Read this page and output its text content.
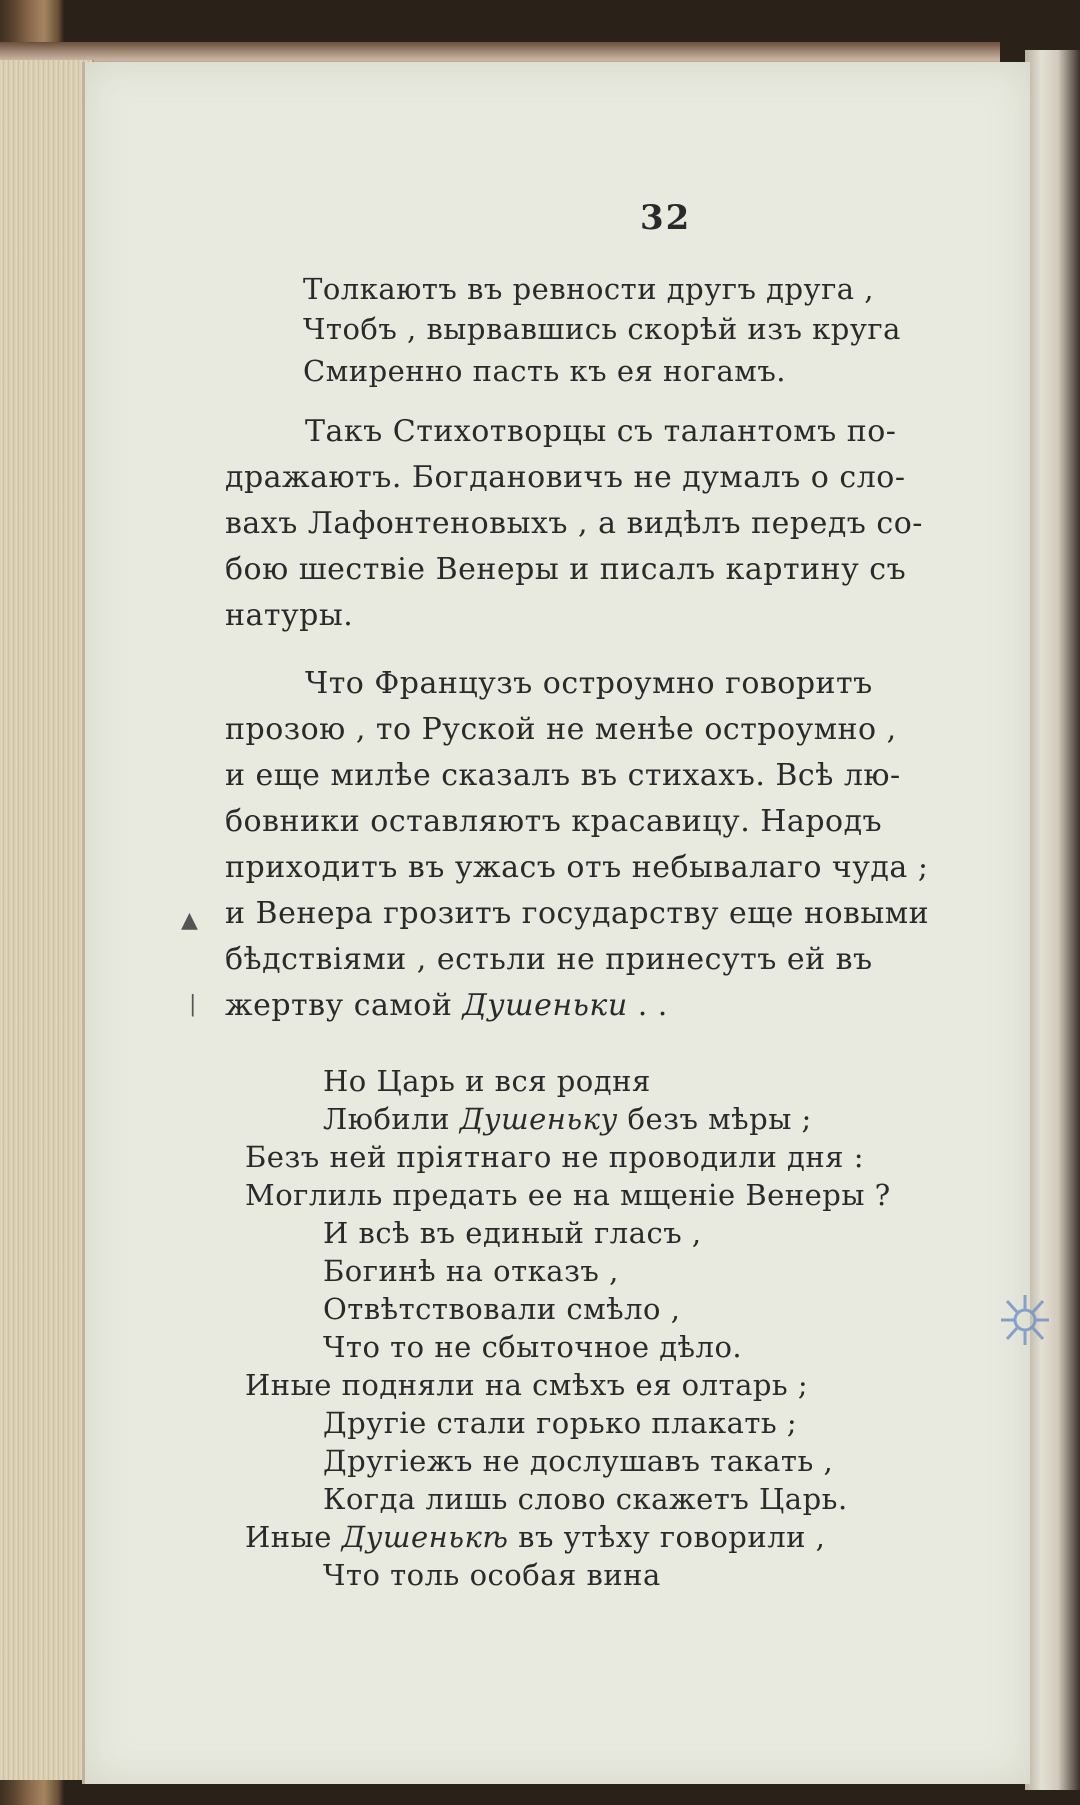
32
Толкаютъ въ ревности другъ друга ,
Чтобъ , вырвавшись скорѣй изъ круга
Смиренно пасть къ ея ногамъ.
Такъ Стихотворцы съ талантомъ по-
дражаютъ. Богдановичъ не думалъ о сло-
вахъ Лафонтеновыхъ , а видѣлъ передъ со-
бою шествiе Венеры и писалъ картину съ
натуры.
Что Французъ остроумно говоритъ
прозою , то Руской не менѣе остроумно ,
и еще милѣе сказалъ въ стихахъ. Всѣ лю-
бовники оставляютъ красавицу. Народъ
приходитъ въ ужасъ отъ небывалаго чуда ;
и Венера грозитъ государству еще новыми
бѣдствiями , естьли не принесутъ ей въ
жертву самой Душеньки . .
Но Царь и вся родня
Любили Душеньку безъ мѣры ;
Безъ ней прiятнаго не проводили дня :
Моглиль предать ее на мщенiе Венеры ?
И всѣ въ единый гласъ ,
Богинѣ на отказъ ,
Отвѣтствовали смѣло ,
Что то не сбыточное дѣло.
Иные подняли на смѣхъ ея олтарь ;
Другiе стали горько плакать ;
Другiежъ не дослушавъ такать ,
Когда лишь слово скажетъ Царь.
Иные Душенькѣ въ утѣху говорили ,
Что толь особая вина
▲
|
